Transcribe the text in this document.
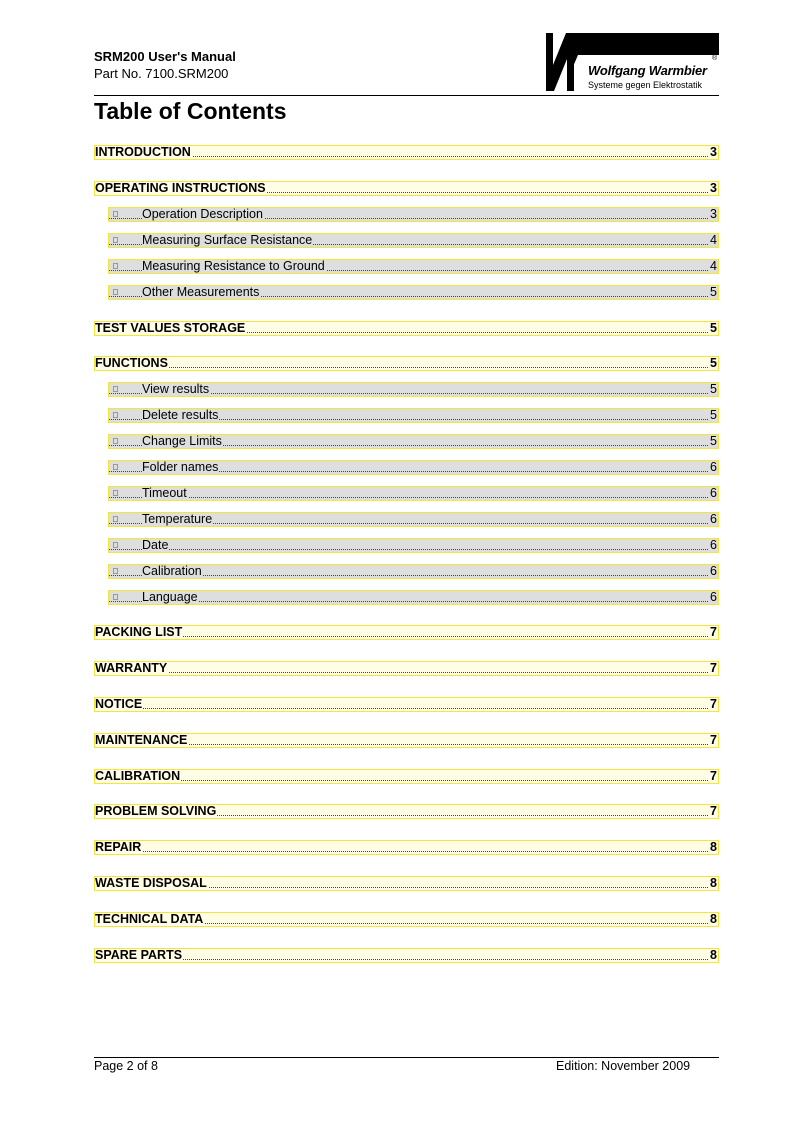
SRM200 User's Manual
Part No. 7100.SRM200
®
Wolfgang Warmbier
Systeme gegen Elektrostatik
Table of Contents
INTRODUCTION	3
OPERATING INSTRUCTIONS	3
Operation Description	3
Measuring Surface Resistance	4
Measuring Resistance to Ground	4
Other Measurements	5
TEST VALUES STORAGE	5
FUNCTIONS	5
View results	5
Delete results	5
Change Limits	5
Folder names	6
Timeout	6
Temperature	6
Date	6
Calibration	6
Language	6
PACKING LIST	7
WARRANTY	7
NOTICE	7
MAINTENANCE	7
CALIBRATION	7
PROBLEM SOLVING	7
REPAIR	8
WASTE DISPOSAL	8
TECHNICAL DATA	8
SPARE PARTS	8
Page 2 of 8	Edition: November 2009
